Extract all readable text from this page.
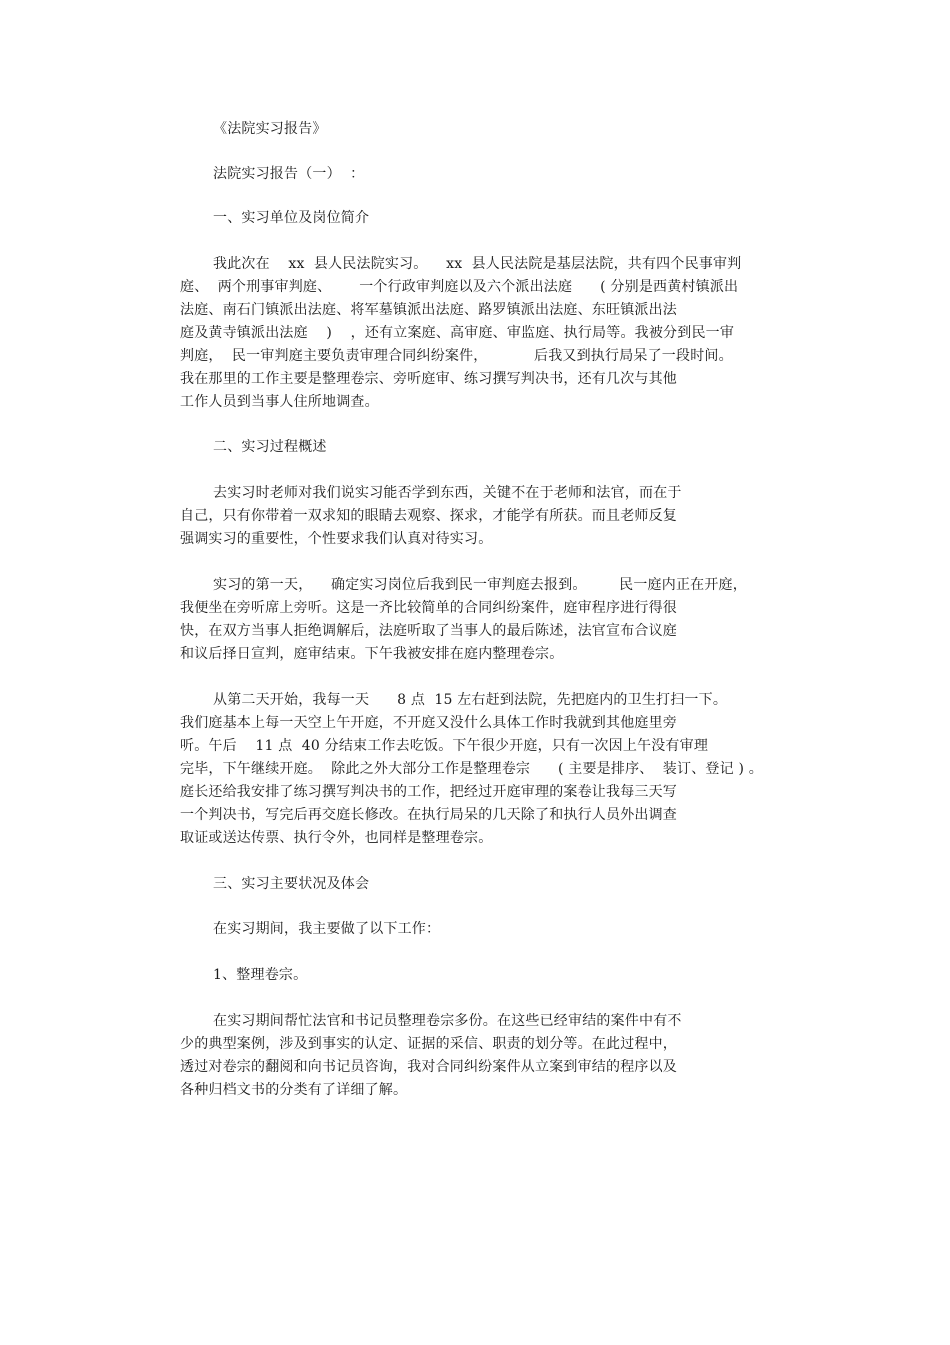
《法院实习报告》
法院实习报告（一）  ：
一、实习单位及岗位简介
我此次在    xx  县人民法院实习。    xx  县人民法院是基层法院，共有四个民事审判
庭、  两个刑事审判庭、      一个行政审判庭以及六个派出法庭      ( 分别是西黄村镇派出
法庭、南石门镇派出法庭、将军墓镇派出法庭、路罗镇派出法庭、东旺镇派出法
庭及黄寺镇派出法庭    )    ，还有立案庭、高审庭、审监庭、执行局等。我被分到民一审
判庭，  民一审判庭主要负责审理合同纠纷案件，          后我又到执行局呆了一段时间。
我在那里的工作主要是整理卷宗、旁听庭审、练习撰写判决书，还有几次与其他
工作人员到当事人住所地调查。
二、实习过程概述
去实习时老师对我们说实习能否学到东西，关键不在于老师和法官，而在于
自己，只有你带着一双求知的眼睛去观察、探求，才能学有所获。而且老师反复
强调实习的重要性，个性要求我们认真对待实习。
实习的第一天，    确定实习岗位后我到民一审判庭去报到。       民一庭内正在开庭，
我便坐在旁听席上旁听。这是一齐比较简单的合同纠纷案件，庭审程序进行得很
快，在双方当事人拒绝调解后，法庭听取了当事人的最后陈述，法官宣布合议庭
和议后择日宣判，庭审结束。下午我被安排在庭内整理卷宗。
从第二天开始，我每一天      8 点  15 左右赶到法院，先把庭内的卫生打扫一下。
我们庭基本上每一天空上午开庭，不开庭又没什么具体工作时我就到其他庭里旁
听。午后    11 点  40 分结束工作去吃饭。下午很少开庭，只有一次因上午没有审理
完毕，下午继续开庭。  除此之外大部分工作是整理卷宗      ( 主要是排序、  装订、登记 ) 。
庭长还给我安排了练习撰写判决书的工作，把经过开庭审理的案卷让我每三天写
一个判决书，写完后再交庭长修改。在执行局呆的几天除了和执行人员外出调查
取证或送达传票、执行令外，也同样是整理卷宗。
三、实习主要状况及体会
在实习期间，我主要做了以下工作：
1、整理卷宗。
在实习期间帮忙法官和书记员整理卷宗多份。在这些已经审结的案件中有不
少的典型案例，涉及到事实的认定、证据的采信、职责的划分等。在此过程中，
透过对卷宗的翻阅和向书记员咨询，我对合同纠纷案件从立案到审结的程序以及
各种归档文书的分类有了详细了解。
